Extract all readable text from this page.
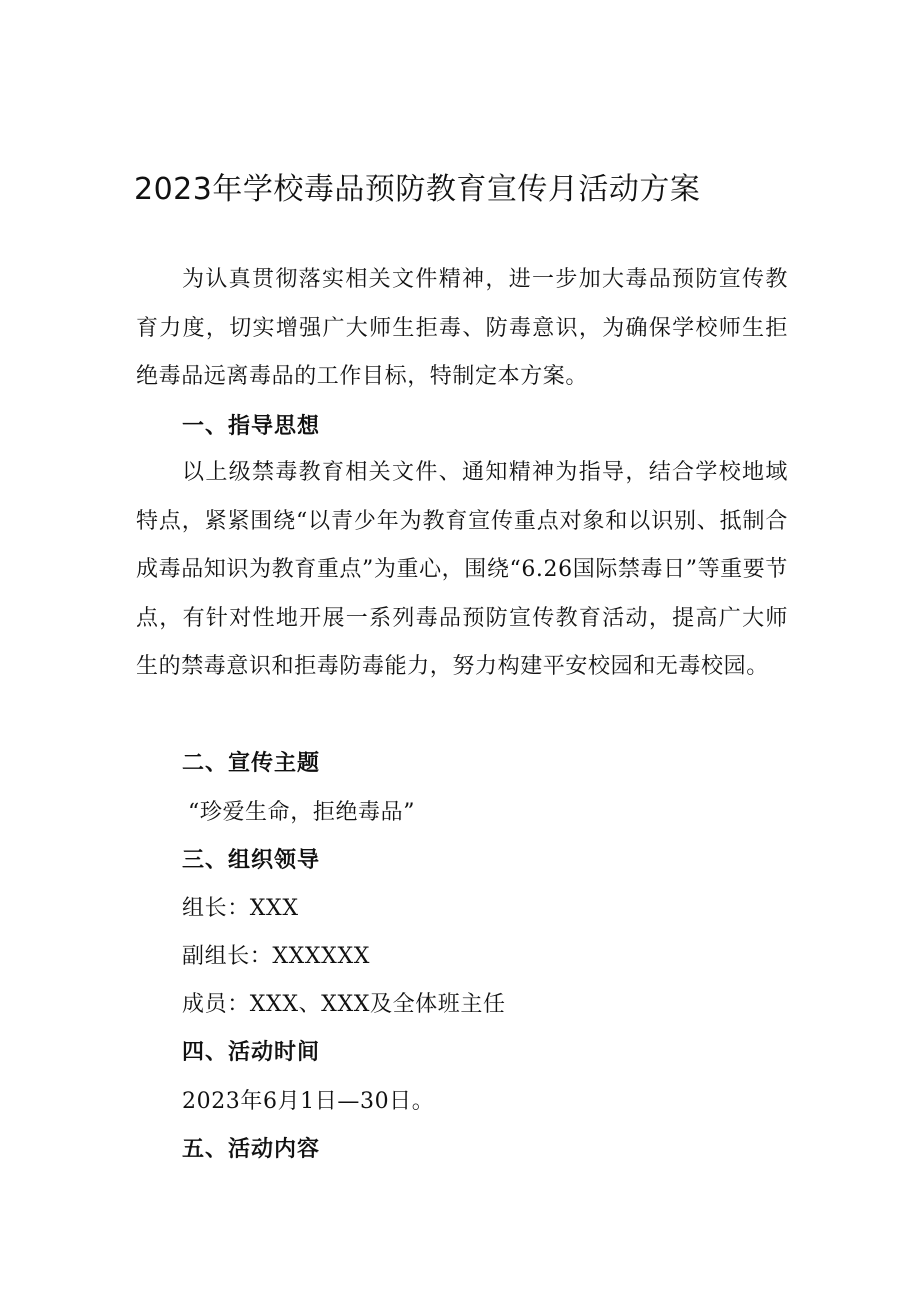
2023年学校毒品预防教育宣传月活动方案

为认真贯彻落实相关文件精神，进一步加大毒品预防宣传教育力度，切实增强广大师生拒毒、防毒意识，为确保学校师生拒绝毒品远离毒品的工作目标，特制定本方案。

一、指导思想

以上级禁毒教育相关文件、通知精神为指导，结合学校地域特点，紧紧围绕“以青少年为教育宣传重点对象和以识别、抵制合成毒品知识为教育重点”为重心，围绕“6.26国际禁毒日”等重要节点，有针对性地开展一系列毒品预防宣传教育活动，提高广大师生的禁毒意识和拒毒防毒能力，努力构建平安校园和无毒校园。

二、宣传主题
“珍爱生命，拒绝毒品”
三、组织领导
组长：XXX
副组长：XXXXXX
成员：XXX、XXX及全体班主任
四、活动时间
2023年6月1日—30日。
五、活动内容
